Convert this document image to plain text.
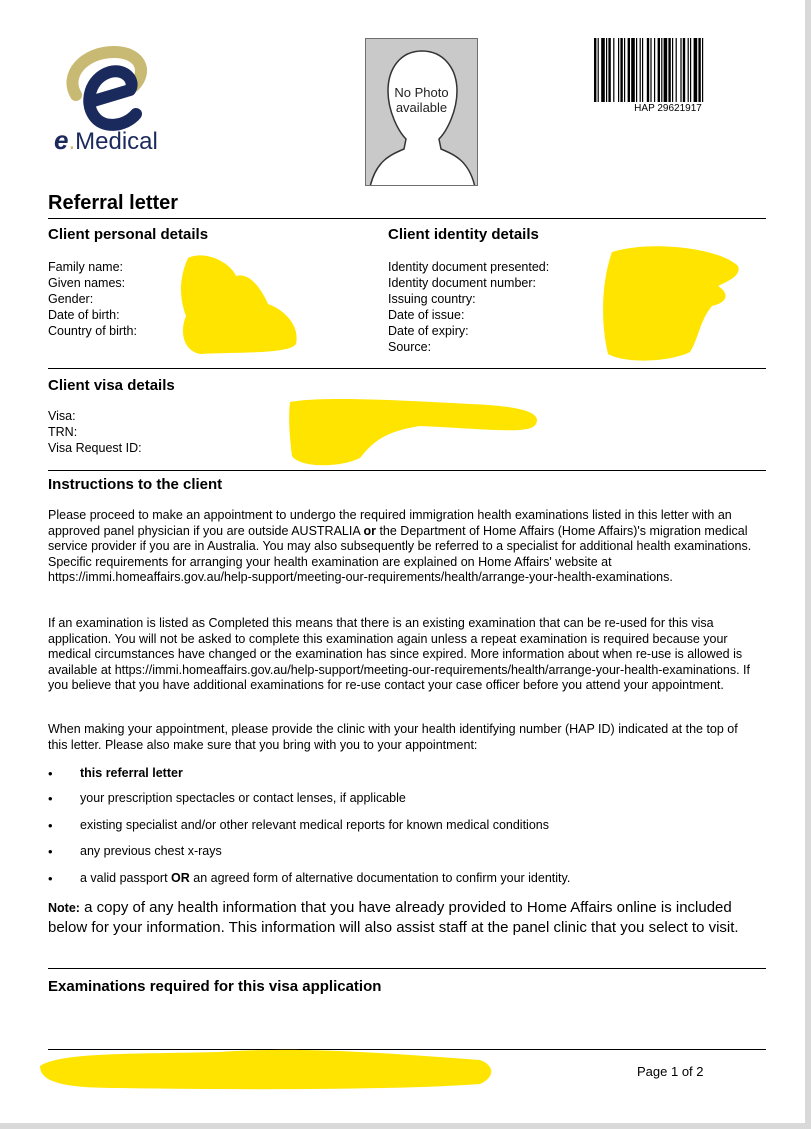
e.Medical
No Photo
available	HAP 29621917
Referral letter
Client personal details
Family name:
Given names:
Gender:
Date of birth:
Country of birth:
Client identity details
Identity document presented:
Identity document number:
Issuing country:
Date of issue:
Date of expiry:
Source:
Client visa details
Visa:
TRN:
Visa Request ID:
Instructions to the client
Please proceed to make an appointment to undergo the required immigration health examinations listed in this letter with an approved panel physician if you are outside AUSTRALIA or the Department of Home Affairs (Home Affairs)'s migration medical service provider if you are in Australia. You may also subsequently be referred to a specialist for additional health examinations. Specific requirements for arranging your health examination are explained on Home Affairs' website at https://immi.homeaffairs.gov.au/help-support/meeting-our-requirements/health/arrange-your-health-examinations.
If an examination is listed as Completed this means that there is an existing examination that can be re-used for this visa application. You will not be asked to complete this examination again unless a repeat examination is required because your medical circumstances have changed or the examination has since expired. More information about when re-use is allowed is available at https://immi.homeaffairs.gov.au/help-support/meeting-our-requirements/health/arrange-your-health-examinations. If you believe that you have additional examinations for re-use contact your case officer before you attend your appointment.
When making your appointment, please provide the clinic with your health identifying number (HAP ID) indicated at the top of this letter. Please also make sure that you bring with you to your appointment:
• this referral letter
• your prescription spectacles or contact lenses, if applicable
• existing specialist and/or other relevant medical reports for known medical conditions
• any previous chest x-rays
• a valid passport OR an agreed form of alternative documentation to confirm your identity.
Note: a copy of any health information that you have already provided to Home Affairs online is included below for your information. This information will also assist staff at the panel clinic that you select to visit.
Examinations required for this visa application
Page 1 of 2
